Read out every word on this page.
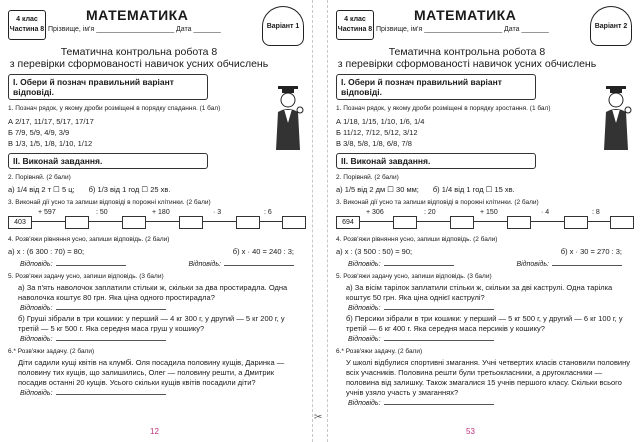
4 клас
Частина 8
МАТЕМАТИКА
Прізвище, ім'я ____________________ Дата _______	Варіант 1
Тематична контрольна робота 8
з перевірки сформованості навичок усних обчислень
І. Обери й познач правильний варіант відповіді.
1. Познач рядок, у якому дроби розміщені в порядку спадання. (1 бал)
А 2/17, 11/17, 5/17, 17/17
Б 7/9, 5/9, 4/9, 3/9
В 1/3, 1/5, 1/8, 1/10, 1/12
ІІ. Виконай завдання.
2. Порівняй. (2 бали)
а) 1/4 від 2 т ☐ 5 ц; б) 1/3 від 1 год ☐ 25 хв.
3. Виконай дії усно та запиши відповіді в порожні клітинки. (2 бали)
403
+ 597	: 50	+ 180	· 3	: 6
4. Розв'яжи рівняння усно, запиши відповідь. (2 бали)
а) x : (6 300 : 70) = 80;	б) x · 40 = 240 : 3;
Відповідь:	Відповідь:
5. Розв'яжи задачу усно, запиши відповідь. (3 бали)
а) За п'ять наволочок заплатили стільки ж, скільки за два простирадла. Одна наволочка коштує 80 грн. Яка ціна одного простирадла?
Відповідь:
б) Груші зібрали в три кошики: у перший — 4 кг 300 г, у другий — 5 кг 200 г, у третій — 5 кг 500 г. Яка середня маса груш у кошику?
Відповідь:
6.* Розв'яжи задачу. (2 бали)
Діти садили кущі квітів на клумбі. Оля посадила половину кущів, Даринка — половину тих кущів, що залишились, Олег — половину решти, а Дмитрик посадив останні 20 кущів. Усього скільки кущів квітів посадили діти?
Відповідь:
12
✂
4 клас
Частина 8
МАТЕМАТИКА
Прізвище, ім'я ____________________ Дата _______	Варіант 2
Тематична контрольна робота 8
з перевірки сформованості навичок усних обчислень
І. Обери й познач правильний варіант відповіді.
1. Познач рядок, у якому дроби розміщені в порядку зростання. (1 бал)
А 1/18, 1/15, 1/10, 1/6, 1/4
Б 11/12, 7/12, 5/12, 3/12
В 3/8, 5/8, 1/8, 6/8, 7/8
ІІ. Виконай завдання.
2. Порівняй. (2 бали)
а) 1/5 від 2 дм ☐ 30 мм; б) 1/4 від 1 год ☐ 15 хв.
3. Виконай дії усно та запиши відповіді в порожні клітинки. (2 бали)
694
+ 306	: 20	+ 150	· 4	: 8
4. Розв'яжи рівняння усно, запиши відповідь. (2 бали)
а) x : (3 500 : 50) = 90;	б) x · 30 = 270 : 3;
Відповідь:	Відповідь:
5. Розв'яжи задачу усно, запиши відповідь. (3 бали)
а) За вісім тарілок заплатили стільки ж, скільки за дві каструлі. Одна тарілка коштує 50 грн. Яка ціна однієї каструлі?
Відповідь:
б) Персики зібрали в три кошики: у перший — 5 кг 500 г, у другий — 6 кг 100 г, у третій — 6 кг 400 г. Яка середня маса персиків у кошику?
Відповідь:
6.* Розв'яжи задачу. (2 бали)
У школі відбулися спортивні змагання. Учні четвертих класів становили половину всіх учасників. Половина решти були третьокласники, а другокласники — половина від залишку. Також змагалися 15 учнів першого класу. Скільки всього учнів узяло участь у змаганнях?
Відповідь:
53
